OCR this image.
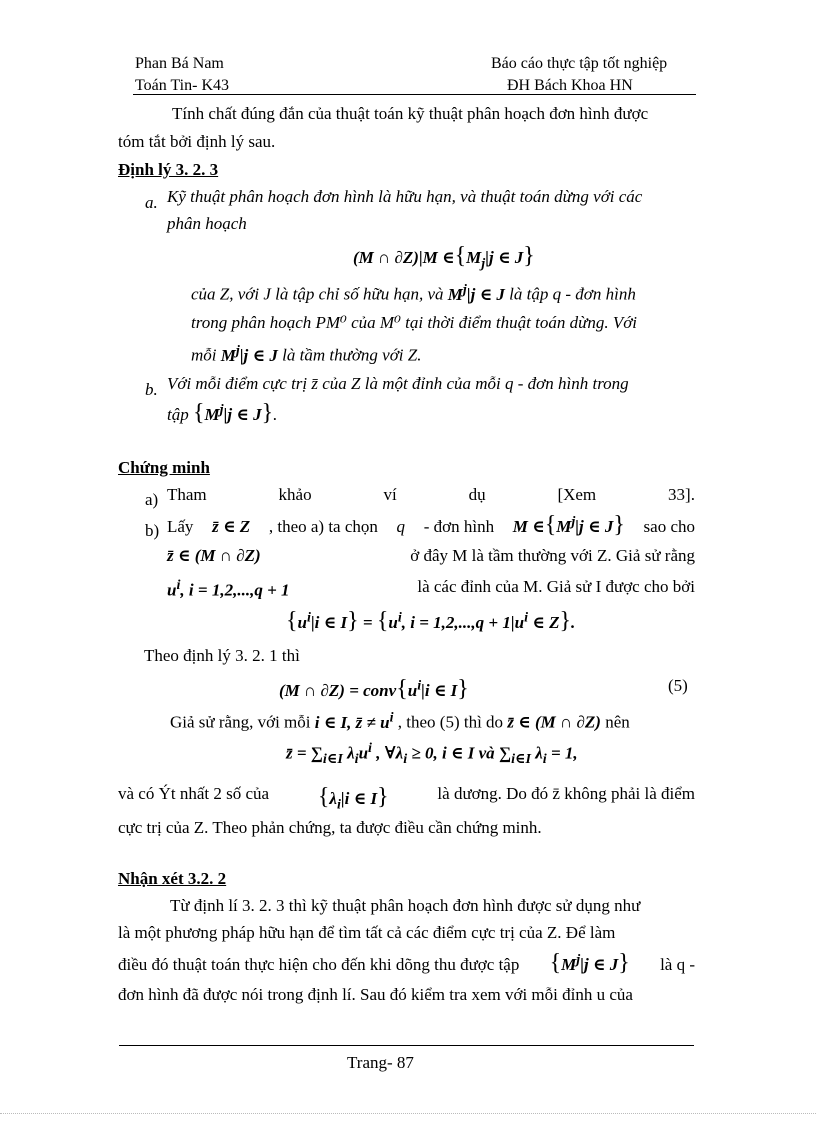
Phan Bá Nam
Toán Tin- K43
Báo cáo thực tập tốt nghiệp
ĐH Bách Khoa HN
Tính chất đúng đắn của thuật toán kỹ thuật phân hoạch đơn hình được
tóm tắt bởi định lý sau.
Định lý 3. 2. 3
a. Kỹ thuật phân hoạch đơn hình là hữu hạn, và thuật toán dừng với các
phân hoạch
(M ∩ ∂Z)|M $\in\{M_j|j$ ∈ J}
của Z, với J là tập chỉ số hữu hạn, và $M^j|j$ ∈ J là tập q - đơn hình
trong phân hoạch PM⁰ của M⁰ tại thời điểm thuật toán dừng. Với
mỗi $M^j|j$ ∈ J là tầm thường với Z.
b. Với mỗi điểm cực trị z̄ của Z là một đỉnh của mỗi q - đơn hình trong
tập {$M^j|j$ ∈ J}.
Chứng minh
a) Tham	khảo	ví	dụ	[Xem	33].
b) Lấy z̄ ∈ Z , theo a) ta chọn q - đơn hình M $\in\{M^j|j$ ∈ J} sao cho
z̄ ∈ (M ∩ ∂Z)	ở đây M là tầm thường với Z. Giả sử rằng
$u^i$, i = 1,2,...,q + 1	là các đỉnh của M. Giả sử I được cho bởi
{$u^i|i$ ∈ $I\} = \{u^i$, $i = 1,2,...,q + 1|u^i$ ∈ Z}.
Theo định lý 3. 2. 1 thì
(M ∩ $\partial Z) = conv\{u^i|i$ ∈ I}	(5)
Giả sử rằng, với mỗi i ∈ I, z̄ ≠ $u^i$ , theo (5) thì do z̄ ∈ (M ∩ ∂Z) nên
z̄ = $\sum_{i\in I}$ $\lambda_iu^i$ , $\forall\lambda_i \ge 0$, i ∈ I và $\sum_{i\in I}$ $\lambda_i = 1$,
và có Ýt nhất 2 số của {$\lambda_i|i$ ∈ I}	là dương. Do đó z̄ không phải là điểm
cực trị của Z. Theo phản chứng, ta được điều cần chứng minh.
Nhận xét 3.2. 2
Từ định lí 3. 2. 3 thì kỹ thuật phân hoạch đơn hình được sử dụng như
là một phương pháp hữu hạn để tìm tất cả các điểm cực trị của Z. Để làm
điều đó thuật toán thực hiện cho đến khi dõng thu được tập {$M^j|j$ ∈ J} là q -
đơn hình đã được nói trong định lí. Sau đó kiểm tra xem với mỗi đỉnh u của
Trang- 87
